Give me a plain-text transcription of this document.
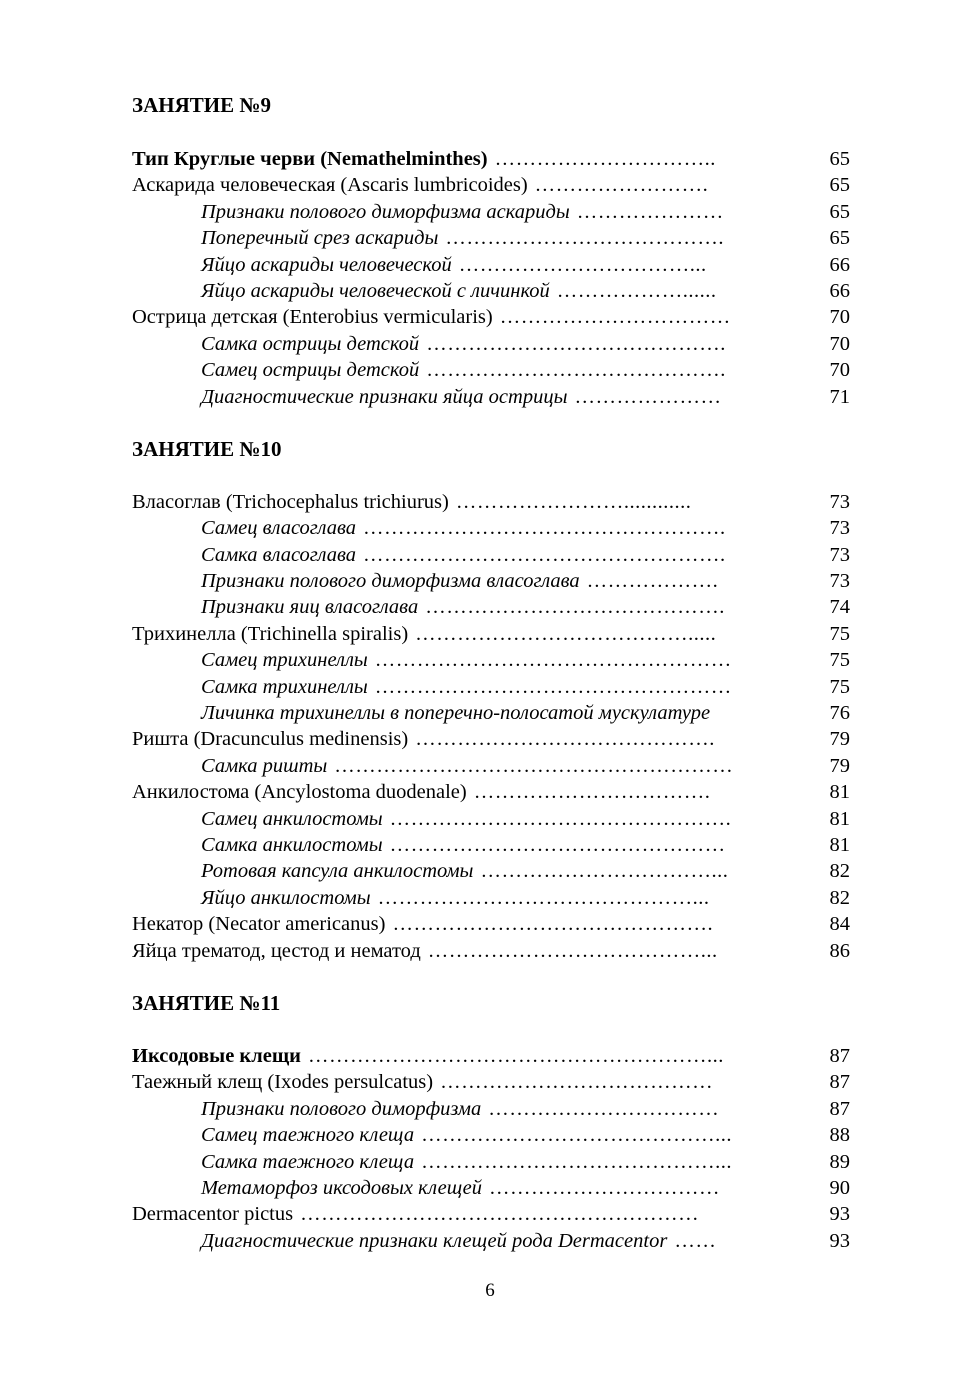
ЗАНЯТИЕ №9
Тип Круглые черви (Nemathelminthes) …………………………..	65
Аскарида человеческая (Ascaris lumbricoides) …………………….	65
Признаки полового диморфизма аскариды …………………	65
Поперечный срез аскариды ………………………………….	65
Яйцо аскариды человеческой ……………………………...	66
Яйцо аскариды человеческой с личинкой ………………......	66
Острица детская (Enterobius vermicularis) ……………………………	70
Самка острицы детской …………………………………….	70
Самец острицы детской …………………………………….	70
Диагностические признаки яйца острицы …………………	71
ЗАНЯТИЕ №10
Власоглав (Trichocephalus trichiurus) ……………………............	73
Самец власоглава …………………………………………….	73
Самка власоглава …………………………………………….	73
Признаки полового диморфизма власоглава ……………….	73
Признаки яиц власоглава …………………………………….	74
Трихинелла (Trichinella spiralis) ………………………………….....	75
Самец трихинеллы ……………………………………………	75
Самка трихинеллы ……………………………………………	75
Личинка трихинеллы в поперечно-полосатой мускулатуре	76
Ришта (Dracunculus medinensis) …………………………………….	79
Самка ришты …………………………………………………	79
Анкилостома (Ancylostoma duodenale) …………………………….	81
Самец анкилостомы ………………………………………….	81
Самка анкилостомы …………………………………………	81
Ротовая капсула анкилостомы ……………………………...	82
Яйцо анкилостомы ………………………………………...	82
Некатор (Necator americanus) ……………………………………….	84
Яйца трематод, цестод и нематод …………………………………...	86
ЗАНЯТИЕ №11
Иксодовые клещи …………………………………………………...	87
Таежный клещ (Ixodes persulcatus) …………………………………	87
Признаки полового диморфизма ……………………………	87
Самец таежного клеща ……………………………………...	88
Самка таежного клеща ……………………………………...	89
Метаморфоз иксодовых клещей ……………………………	90
Dermacentor pictus …………………………………………………	93
Диагностические признаки клещей рода Dermacentor ……	93
6
